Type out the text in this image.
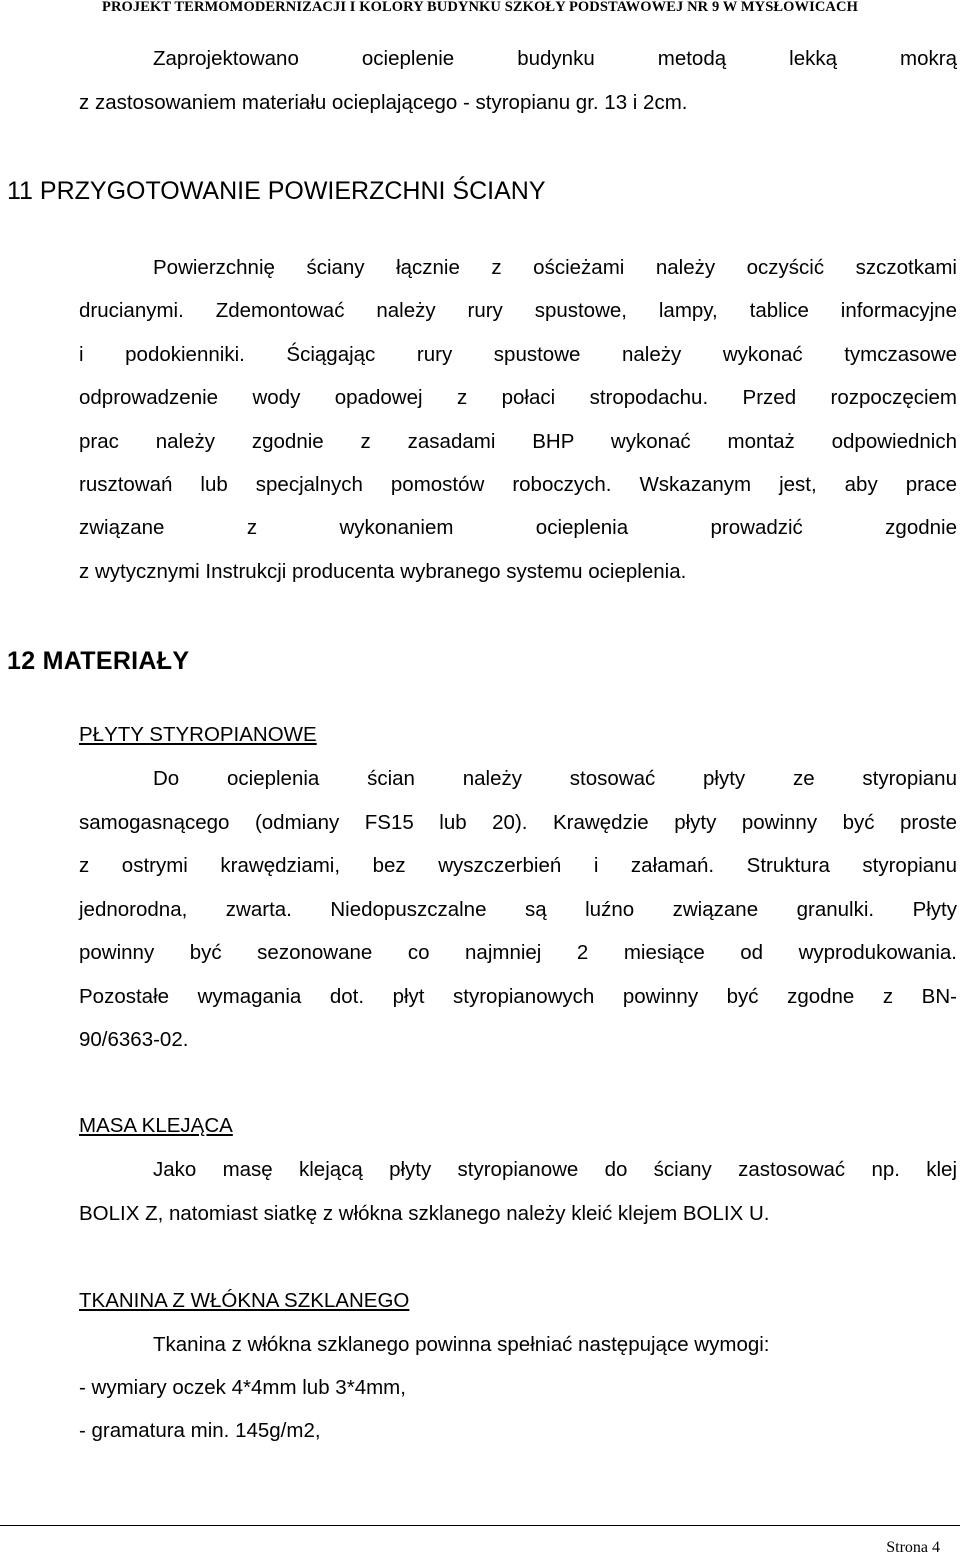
PROJEKT TERMOMODERNIZACJI I KOLORY BUDYNKU SZKOŁY PODSTAWOWEJ NR 9 W MYSŁOWICACH
Zaprojektowano ocieplenie budynku metodą lekką mokrą
z zastosowaniem materiału ocieplającego - styropianu gr. 13 i 2cm.
11 PRZYGOTOWANIE POWIERZCHNI ŚCIANY
Powierzchnię ściany łącznie z ościeżami należy oczyścić szczotkami
drucianymi. Zdemontować należy rury spustowe, lampy, tablice informacyjne
i podokienniki. Ściągając rury spustowe należy wykonać tymczasowe
odprowadzenie wody opadowej z połaci stropodachu. Przed rozpoczęciem
prac należy zgodnie z zasadami BHP wykonać montaż odpowiednich
rusztowań lub specjalnych pomostów roboczych. Wskazanym jest, aby prace
związane z wykonaniem ocieplenia prowadzić zgodnie
z wytycznymi Instrukcji producenta wybranego systemu ocieplenia.
12 MATERIAŁY
PŁYTY STYROPIANOWE
Do ocieplenia ścian należy stosować płyty ze styropianu
samogasnącego (odmiany FS15 lub 20). Krawędzie płyty powinny być proste
z ostrymi krawędziami, bez wyszczerbień i załamań. Struktura styropianu
jednorodna, zwarta. Niedopuszczalne są luźno związane granulki. Płyty
powinny być sezonowane co najmniej 2 miesiące od wyprodukowania.
Pozostałe wymagania dot. płyt styropianowych powinny być zgodne z BN-
90/6363-02.
MASA KLEJĄCA
Jako masę klejącą płyty styropianowe do ściany zastosować np. klej
BOLIX Z, natomiast siatkę z włókna szklanego należy kleić klejem BOLIX U.
TKANINA Z WŁÓKNA SZKLANEGO
Tkanina z włókna szklanego powinna spełniać następujące wymogi:
- wymiary oczek 4*4mm lub 3*4mm,
- gramatura min. 145g/m2,
Strona 4
